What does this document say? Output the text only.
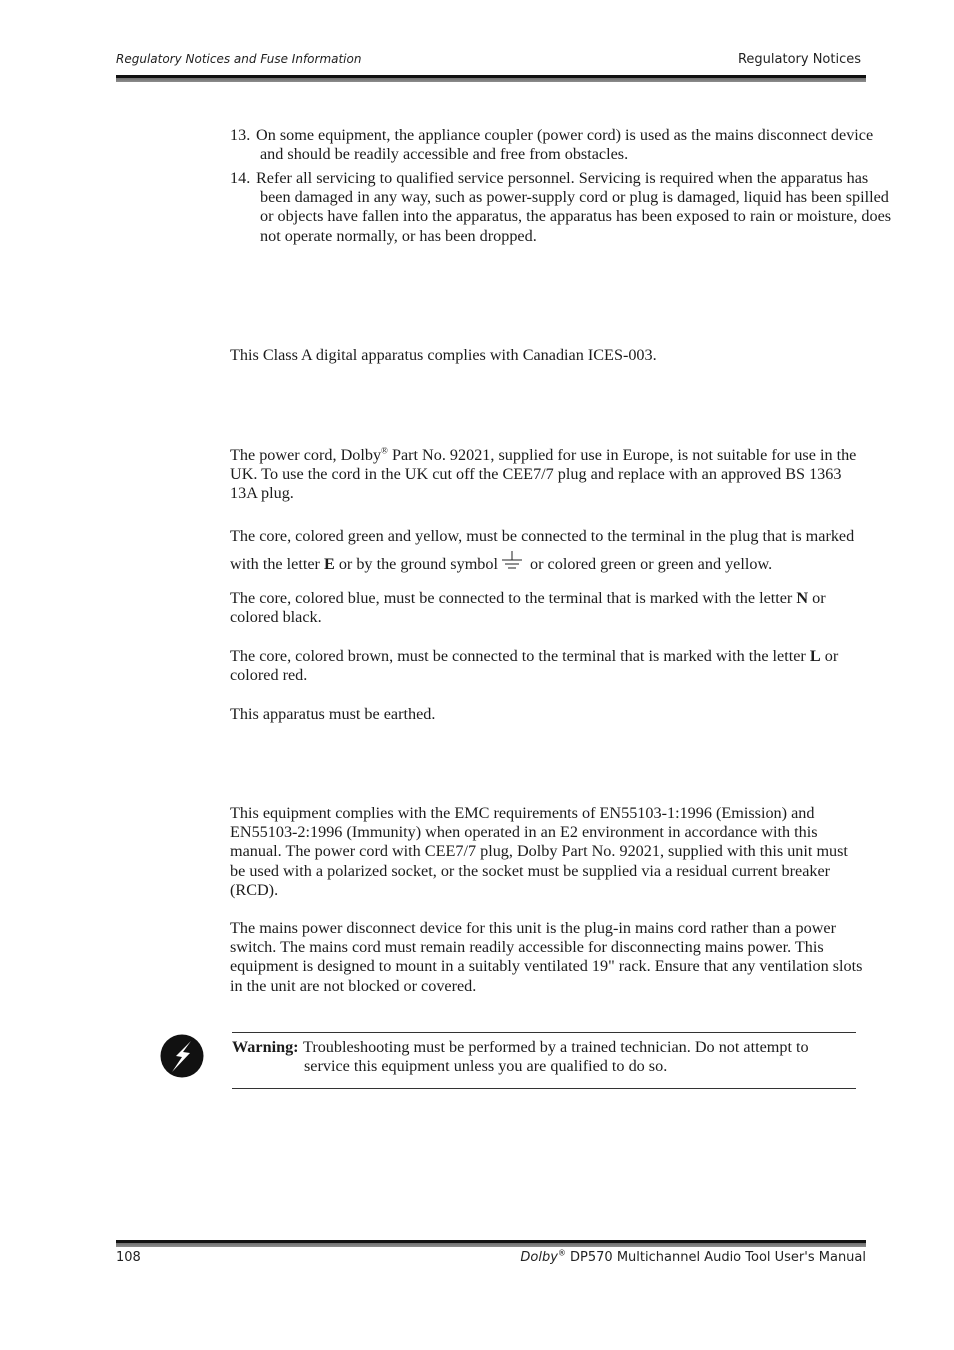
Regulatory Notices and Fuse Information	Regulatory Notices
13. On some equipment, the appliance coupler (power cord) is used as the mains disconnect device and should be readily accessible and free from obstacles.
14. Refer all servicing to qualified service personnel. Servicing is required when the apparatus has been damaged in any way, such as power-supply cord or plug is damaged, liquid has been spilled or objects have fallen into the apparatus, the apparatus has been exposed to rain or moisture, does not operate normally, or has been dropped.

This Class A digital apparatus complies with Canadian ICES-003.

The power cord, Dolby® Part No. 92021, supplied for use in Europe, is not suitable for use in the UK. To use the cord in the UK cut off the CEE7/7 plug and replace with an approved BS 1363 13A plug.

The core, colored green and yellow, must be connected to the terminal in the plug that is marked with the letter E or by the ground symbol or colored green or green and yellow.

The core, colored blue, must be connected to the terminal that is marked with the letter N or colored black.

The core, colored brown, must be connected to the terminal that is marked with the letter L or colored red.

This apparatus must be earthed.

This equipment complies with the EMC requirements of EN55103-1:1996 (Emission) and EN55103-2:1996 (Immunity) when operated in an E2 environment in accordance with this manual. The power cord with CEE7/7 plug, Dolby Part No. 92021, supplied with this unit must be used with a polarized socket, or the socket must be supplied via a residual current breaker (RCD).

The mains power disconnect device for this unit is the plug-in mains cord rather than a power switch. The mains cord must remain readily accessible for disconnecting mains power. This equipment is designed to mount in a suitably ventilated 19" rack. Ensure that any ventilation slots in the unit are not blocked or covered.

Warning: Troubleshooting must be performed by a trained technician. Do not attempt to
service this equipment unless you are qualified to do so.
108	Dolby® DP570 Multichannel Audio Tool User's Manual
